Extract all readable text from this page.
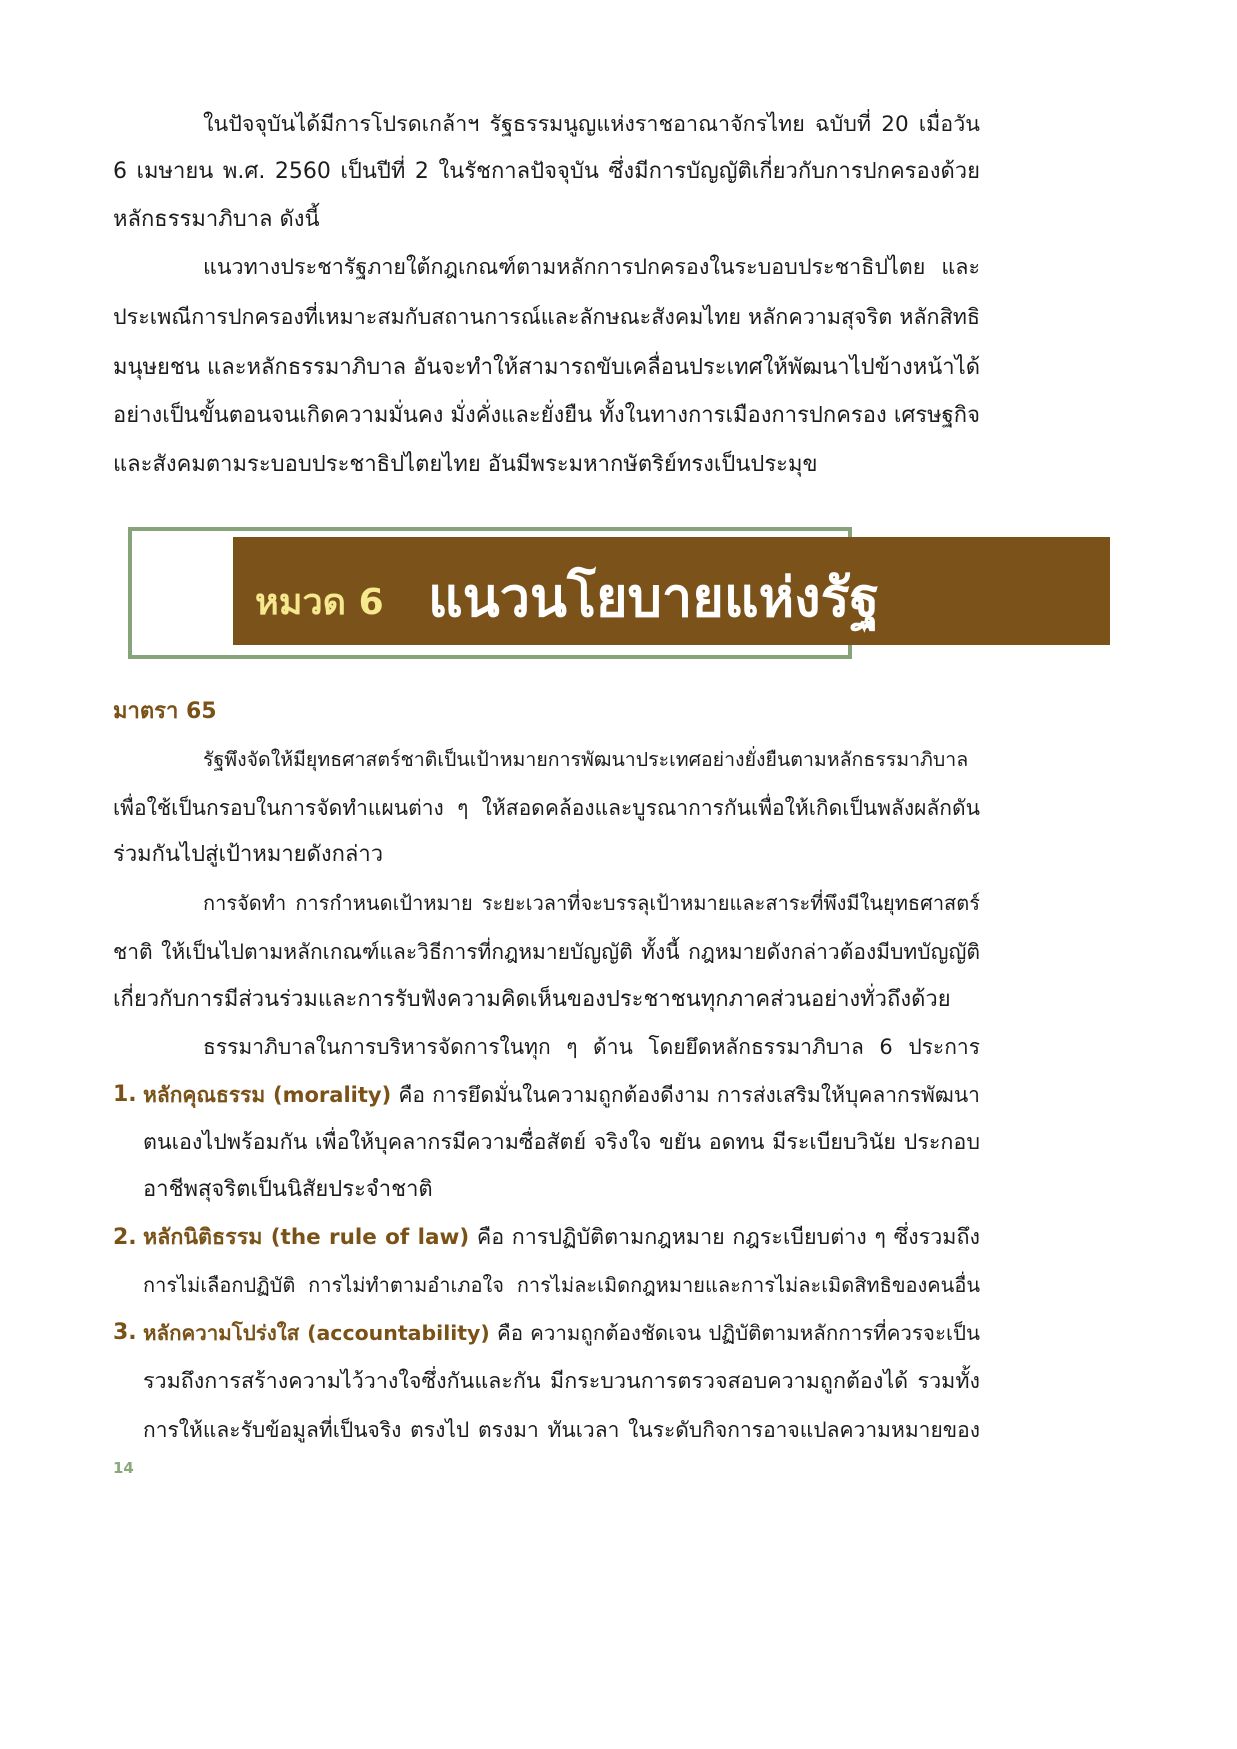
ในปัจจุบันได้มีการโปรดเกล้าฯ รัฐธรรมนูญแห่งราชอาณาจักรไทย ฉบับที่ 20 เมื่อวัน
6 เมษายน พ.ศ. 2560 เป็นปีที่ 2 ในรัชกาลปัจจุบัน ซึ่งมีการบัญญัติเกี่ยวกับการปกครองด้วย
หลักธรรมาภิบาล ดังนี้
แนวทางประชารัฐภายใต้กฎเกณฑ์ตามหลักการปกครองในระบอบประชาธิปไตย และ
ประเพณีการปกครองที่เหมาะสมกับสถานการณ์และลักษณะสังคมไทย หลักความสุจริต หลักสิทธิ
มนุษยชน และหลักธรรมาภิบาล อันจะทำให้สามารถขับเคลื่อนประเทศให้พัฒนาไปข้างหน้าได้
อย่างเป็นขั้นตอนจนเกิดความมั่นคง มั่งคั่งและยั่งยืน ทั้งในทางการเมืองการปกครอง เศรษฐกิจ
และสังคมตามระบอบประชาธิปไตยไทย อันมีพระมหากษัตริย์ทรงเป็นประมุข
หมวด 6 แนวนโยบายแห่งรัฐ
มาตรา 65
รัฐพึงจัดให้มียุทธศาสตร์ชาติเป็นเป้าหมายการพัฒนาประเทศอย่างยั่งยืนตามหลักธรรมาภิบาล
เพื่อใช้เป็นกรอบในการจัดทำแผนต่าง ๆ ให้สอดคล้องและบูรณาการกันเพื่อให้เกิดเป็นพลังผลักดัน
ร่วมกันไปสู่เป้าหมายดังกล่าว
การจัดทำ การกำหนดเป้าหมาย ระยะเวลาที่จะบรรลุเป้าหมายและสาระที่พึงมีในยุทธศาสตร์
ชาติ ให้เป็นไปตามหลักเกณฑ์และวิธีการที่กฎหมายบัญญัติ ทั้งนี้ กฎหมายดังกล่าวต้องมีบทบัญญัติ
เกี่ยวกับการมีส่วนร่วมและการรับฟังความคิดเห็นของประชาชนทุกภาคส่วนอย่างทั่วถึงด้วย
ธรรมาภิบาลในการบริหารจัดการในทุก ๆ ด้าน โดยยึดหลักธรรมาภิบาล 6 ประการ
1. หลักคุณธรรม (morality) คือ การยึดมั่นในความถูกต้องดีงาม การส่งเสริมให้บุคลากรพัฒนา
ตนเองไปพร้อมกัน เพื่อให้บุคลากรมีความซื่อสัตย์ จริงใจ ขยัน อดทน มีระเบียบวินัย ประกอบ
อาชีพสุจริตเป็นนิสัยประจำชาติ
2. หลักนิติธรรม (the rule of law) คือ การปฏิบัติตามกฎหมาย กฎระเบียบต่าง ๆ ซึ่งรวมถึง
การไม่เลือกปฏิบัติ การไม่ทำตามอำเภอใจ การไม่ละเมิดกฎหมายและการไม่ละเมิดสิทธิของคนอื่น
3. หลักความโปร่งใส (accountability) คือ ความถูกต้องชัดเจน ปฏิบัติตามหลักการที่ควรจะเป็น
รวมถึงการสร้างความไว้วางใจซึ่งกันและกัน มีกระบวนการตรวจสอบความถูกต้องได้ รวมทั้ง
การให้และรับข้อมูลที่เป็นจริง ตรงไป ตรงมา ทันเวลา ในระดับกิจการอาจแปลความหมายของ
14
